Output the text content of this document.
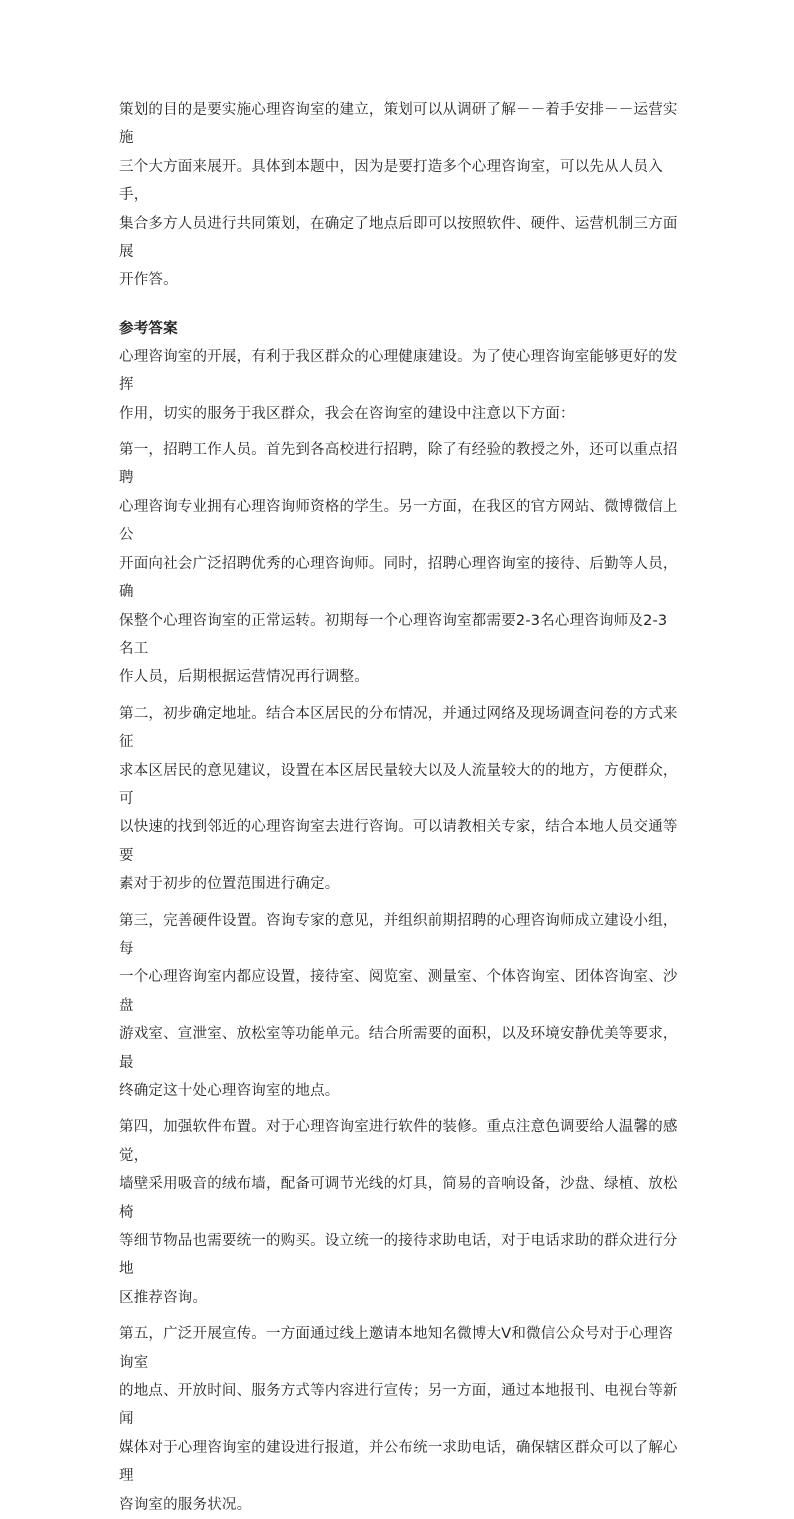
策划的目的是要实施心理咨询室的建立，策划可以从调研了解－－着手安排－－运营实施
三个大方面来展开。具体到本题中，因为是要打造多个心理咨询室，可以先从人员入手，
集合多方人员进行共同策划，在确定了地点后即可以按照软件、硬件、运营机制三方面展
开作答。

参考答案

心理咨询室的开展，有利于我区群众的心理健康建设。为了使心理咨询室能够更好的发挥
作用，切实的服务于我区群众，我会在咨询室的建设中注意以下方面：

第一，招聘工作人员。首先到各高校进行招聘，除了有经验的教授之外，还可以重点招聘
心理咨询专业拥有心理咨询师资格的学生。另一方面，在我区的官方网站、微博微信上公
开面向社会广泛招聘优秀的心理咨询师。同时，招聘心理咨询室的接待、后勤等人员，确
保整个心理咨询室的正常运转。初期每一个心理咨询室都需要2-3名心理咨询师及2-3名工
作人员，后期根据运营情况再行调整。

第二，初步确定地址。结合本区居民的分布情况，并通过网络及现场调查问卷的方式来征
求本区居民的意见建议，设置在本区居民量较大以及人流量较大的的地方，方便群众，可
以快速的找到邻近的心理咨询室去进行咨询。可以请教相关专家，结合本地人员交通等要
素对于初步的位置范围进行确定。

第三，完善硬件设置。咨询专家的意见，并组织前期招聘的心理咨询师成立建设小组，每
一个心理咨询室内都应设置，接待室、阅览室、测量室、个体咨询室、团体咨询室、沙盘
游戏室、宣泄室、放松室等功能单元。结合所需要的面积，以及环境安静优美等要求，最
终确定这十处心理咨询室的地点。

第四，加强软件布置。对于心理咨询室进行软件的装修。重点注意色调要给人温馨的感觉，
墙壁采用吸音的绒布墙，配备可调节光线的灯具，简易的音响设备，沙盘、绿植、放松椅
等细节物品也需要统一的购买。设立统一的接待求助电话，对于电话求助的群众进行分地
区推荐咨询。

第五，广泛开展宣传。一方面通过线上邀请本地知名微博大V和微信公众号对于心理咨询室
的地点、开放时间、服务方式等内容进行宣传；另一方面，通过本地报刊、电视台等新闻
媒体对于心理咨询室的建设进行报道，并公布统一求助电话，确保辖区群众可以了解心理
咨询室的服务状况。
